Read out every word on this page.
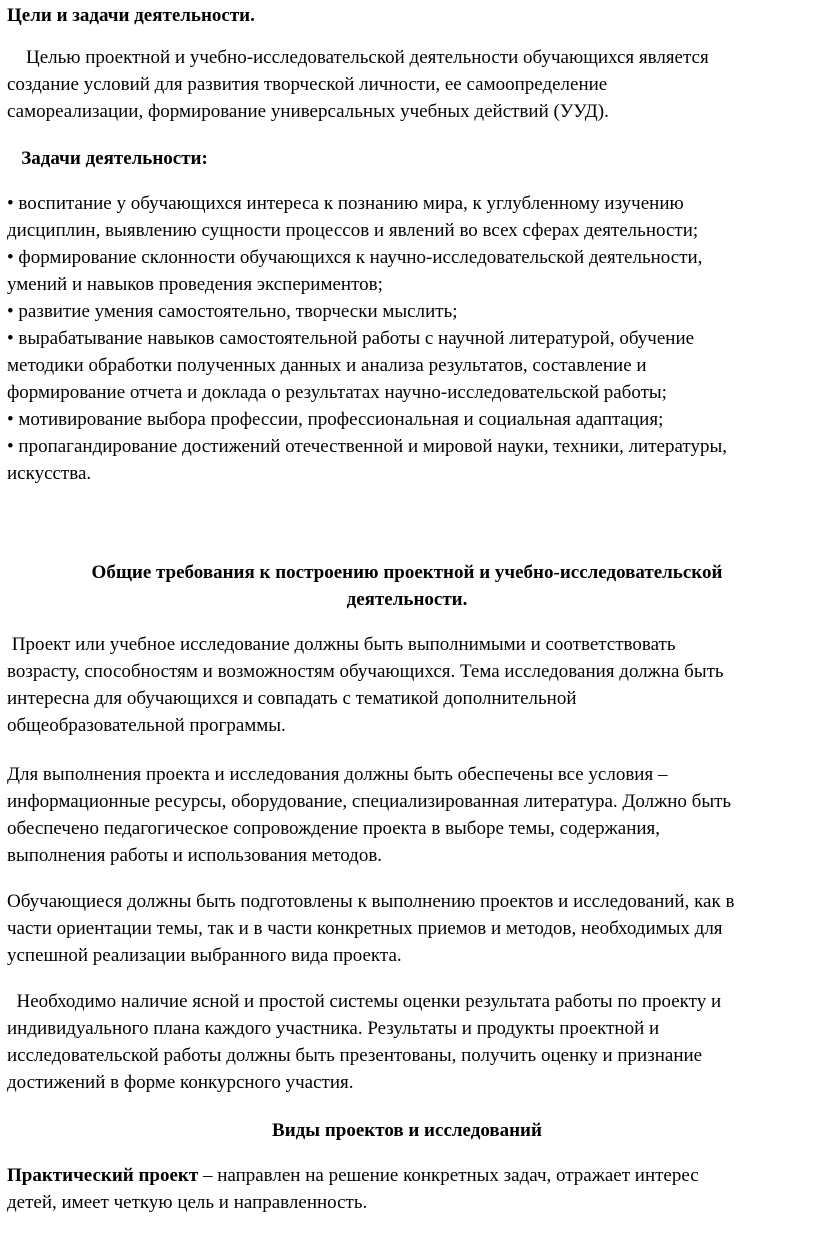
Цели и задачи деятельности.
Целью проектной и учебно-исследовательской деятельности обучающихся является
создание условий для развития творческой личности, ее самоопределение
самореализации, формирование универсальных учебных действий (УУД).
Задачи деятельности:
• воспитание у обучающихся интереса к познанию мира, к углубленному изучению
дисциплин, выявлению сущности процессов и явлений во всех сферах деятельности;
• формирование склонности обучающихся к научно-исследовательской деятельности,
умений и навыков проведения экспериментов;
• развитие умения самостоятельно, творчески мыслить;
• вырабатывание навыков самостоятельной работы с научной литературой, обучение
методики обработки полученных данных и анализа результатов, составление и
формирование отчета и доклада о результатах научно-исследовательской работы;
• мотивирование выбора профессии, профессиональная и социальная адаптация;
• пропагандирование достижений отечественной и мировой науки, техники, литературы,
искусства.
Общие требования к построению проектной и учебно-исследовательской
деятельности.
Проект или учебное исследование должны быть выполнимыми и соответствовать
возрасту, способностям и возможностям обучающихся. Тема исследования должна быть
интересна для обучающихся и совпадать с тематикой дополнительной
общеобразовательной программы.
Для выполнения проекта и исследования должны быть обеспечены все условия –
информационные ресурсы, оборудование, специализированная литература. Должно быть
обеспечено педагогическое сопровождение проекта в выборе темы, содержания,
выполнения работы и использования методов.
Обучающиеся должны быть подготовлены к выполнению проектов и исследований, как в
части ориентации темы, так и в части конкретных приемов и методов, необходимых для
успешной реализации выбранного вида проекта.
Необходимо наличие ясной и простой системы оценки результата работы по проекту и
индивидуального плана каждого участника. Результаты и продукты проектной и
исследовательской работы должны быть презентованы, получить оценку и признание
достижений в форме конкурсного участия.
Виды проектов и исследований
Практический проект – направлен на решение конкретных задач, отражает интерес
детей, имеет четкую цель и направленность.
